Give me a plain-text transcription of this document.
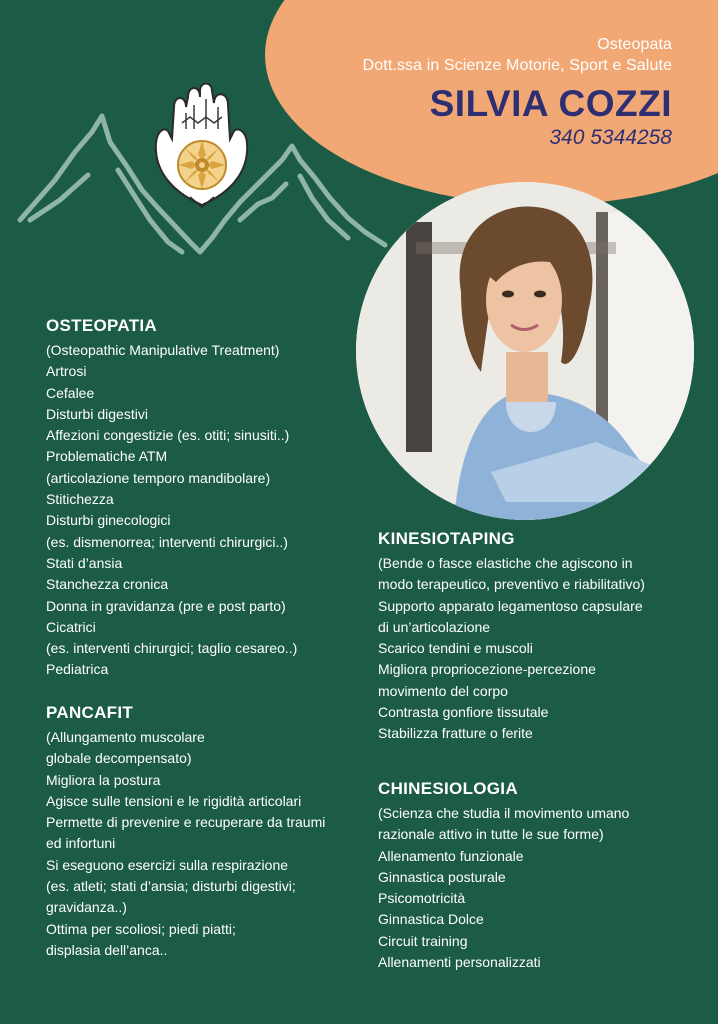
Osteopata
Dott.ssa in Scienze Motorie, Sport e Salute
SILVIA COZZI
340 5344258
OSTEOPATIA
(Osteopathic Manipulative Treatment)
Artrosi
Cefalee
Disturbi digestivi
Affezioni congestizie (es. otiti; sinusiti..)
Problematiche ATM
(articolazione temporo mandibolare)
Stitichezza
Disturbi ginecologici
(es. dismenorrea; interventi chirurgici..)
Stati d’ansia
Stanchezza cronica
Donna in gravidanza (pre e post parto)
Cicatrici
(es. interventi chirurgici; taglio cesareo..)
Pediatrica
PANCAFIT
(Allungamento muscolare
globale decompensato)
Migliora la postura
Agisce sulle tensioni e le rigidità articolari
Permette di prevenire e recuperare da traumi
ed infortuni
Si eseguono esercizi sulla respirazione
(es. atleti; stati d’ansia; disturbi digestivi;
gravidanza..)
Ottima per scoliosi; piedi piatti;
displasia dell’anca..
KINESIOTAPING
(Bende o fasce elastiche che agiscono in
modo terapeutico, preventivo e riabilitativo)
Supporto apparato legamentoso capsulare
di un’articolazione
Scarico tendini e muscoli
Migliora propriocezione-percezione
movimento del corpo
Contrasta gonfiore tissutale
Stabilizza fratture o ferite
CHINESIOLOGIA
(Scienza che studia il movimento umano
razionale attivo in tutte le sue forme)
Allenamento funzionale
Ginnastica posturale
Psicomotricità
Ginnastica Dolce
Circuit training
Allenamenti personalizzati
